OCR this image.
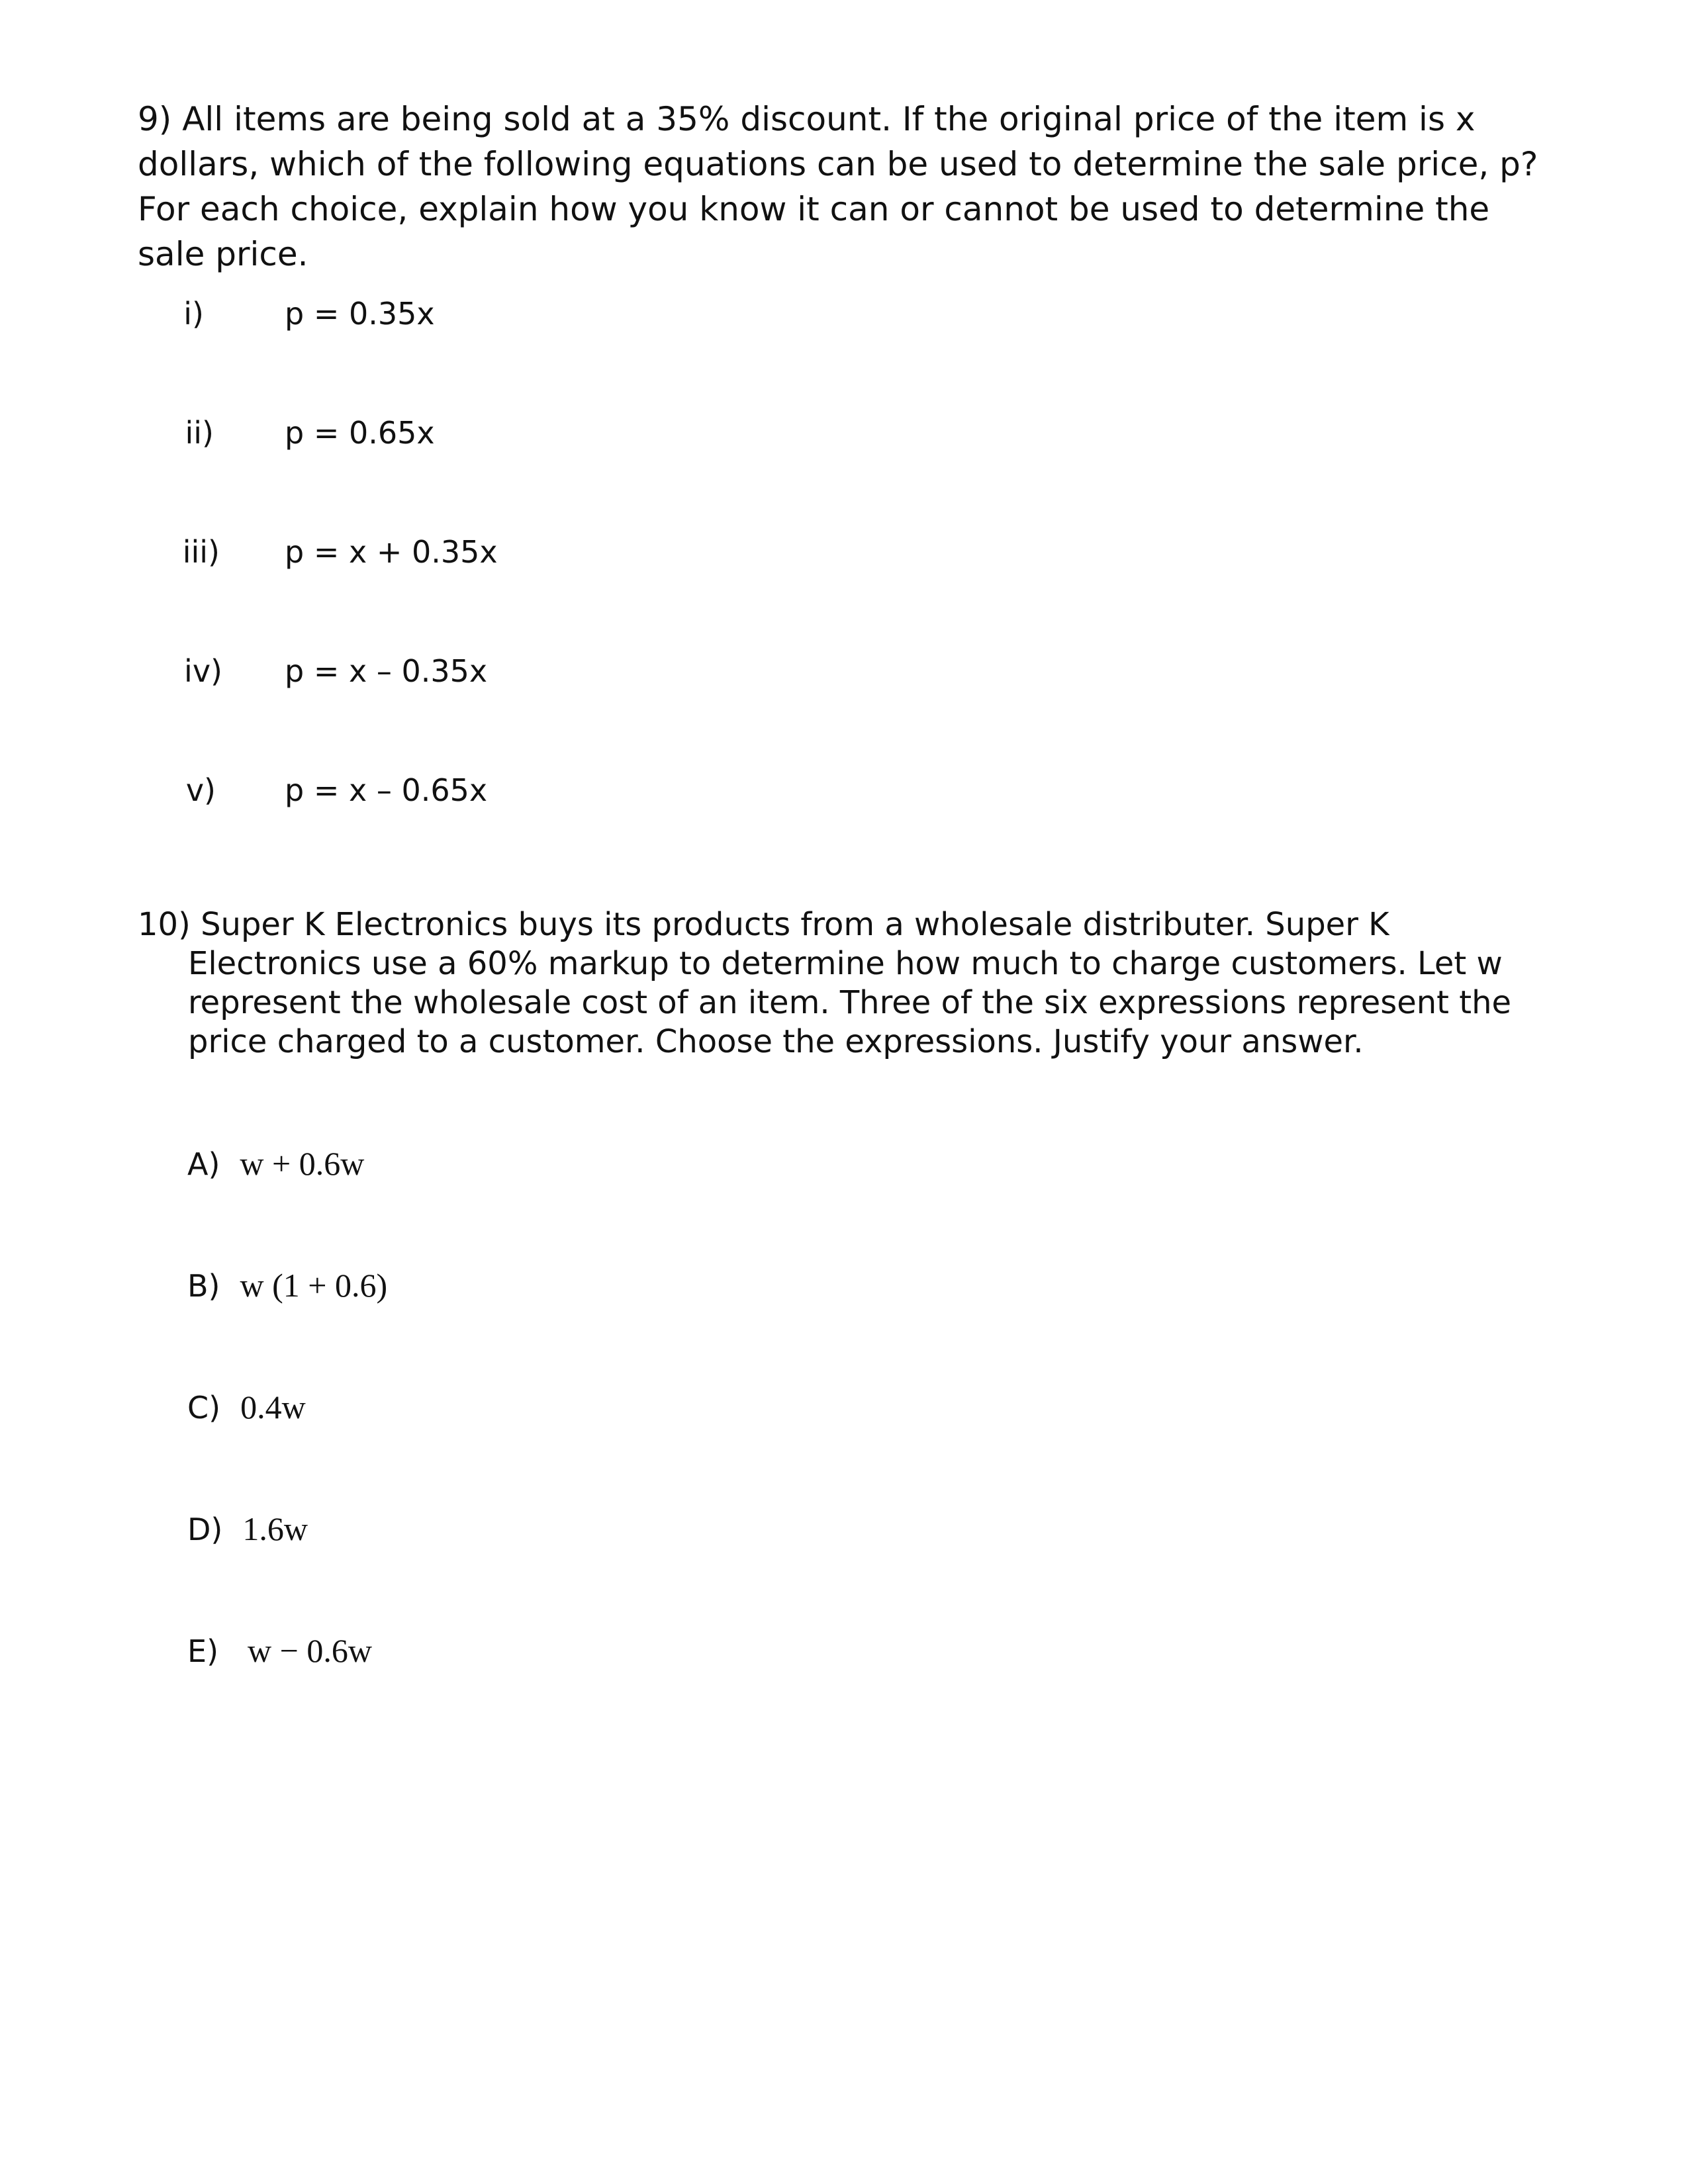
9) All items are being sold at a 35% discount. If the original price of the item is x dollars, which of the following equations can be used to determine the sale price, p? For each choice, explain how you know it can or cannot be used to determine the sale price.
i)	p = 0.35x
ii) p = 0.65x
iii) p = x + 0.35x
iv) p = x – 0.35x
v) p = x – 0.65x
10) Super K Electronics buys its products from a wholesale distributer. Super K Electronics use a 60% markup to determine how much to charge customers. Let w represent the wholesale cost of an item. Three of the six expressions represent the price charged to a customer. Choose the expressions. Justify your answer.
A) w + 0.6w
B) w (1 + 0.6)
C) 0.4w
D) 1.6w
E) w − 0.6w
